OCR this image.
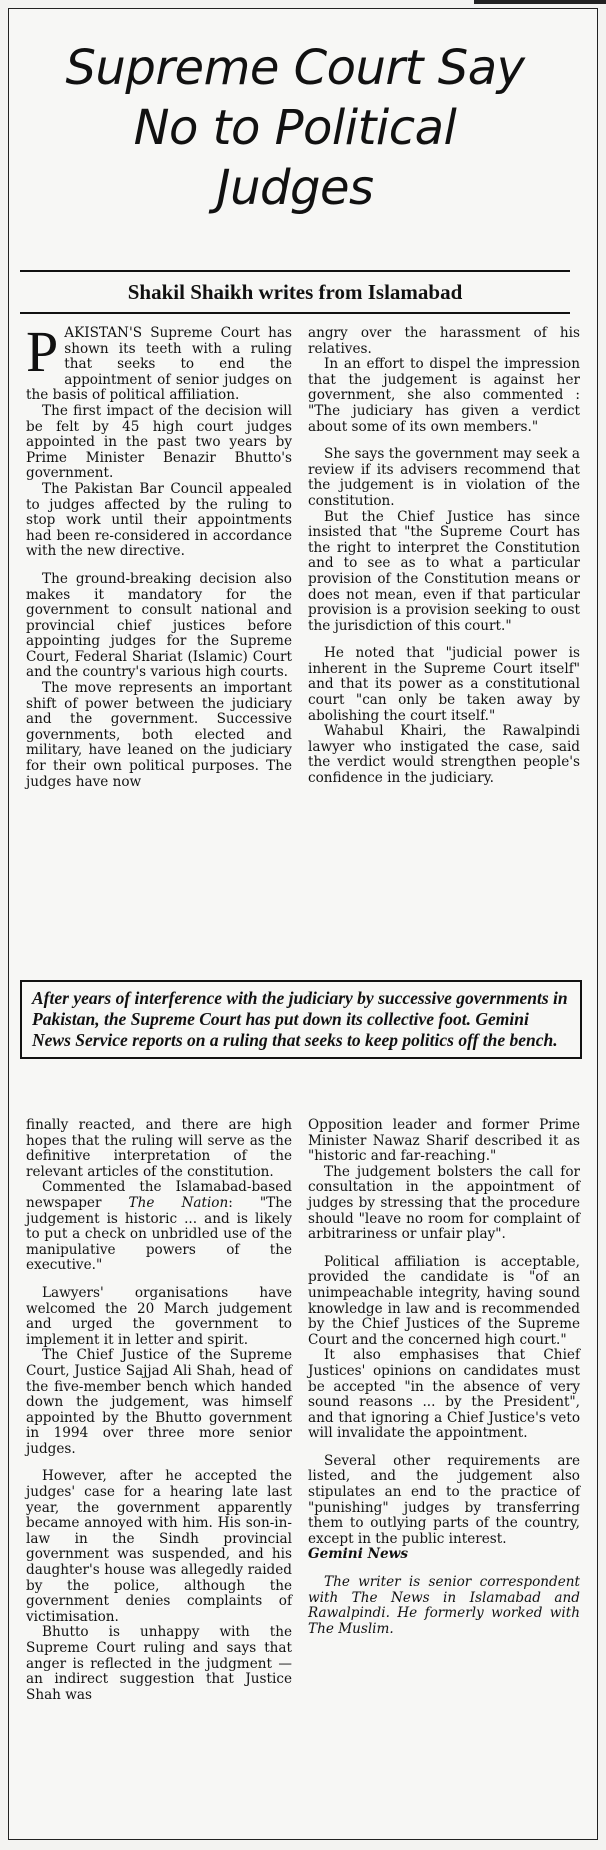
Supreme Court Say
No to Political
Judges
Shakil Shaikh writes from Islamabad

PAKISTAN'S Supreme Court has shown its teeth with a ruling that seeks to end the appointment of senior judges on the basis of political affiliation.

The first impact of the decision will be felt by 45 high court judges appointed in the past two years by Prime Minister Benazir Bhutto's government.

The Pakistan Bar Council appealed to judges affected by the ruling to stop work until their appointments had been re-considered in accordance with the new directive.

The ground-breaking decision also makes it mandatory for the government to consult national and provincial chief justices before appointing judges for the Supreme Court, Federal Shariat (Islamic) Court and the country's various high courts.

The move represents an important shift of power between the judiciary and the government. Successive governments, both elected and military, have leaned on the judiciary for their own political purposes. The judges have now

angry over the harassment of his relatives.

In an effort to dispel the impression that the judgement is against her government, she also commented : "The judiciary has given a verdict about some of its own members."

She says the government may seek a review if its advisers recommend that the judgement is in violation of the constitution.

But the Chief Justice has since insisted that "the Supreme Court has the right to interpret the Constitution and to see as to what a particular provision of the Constitution means or does not mean, even if that particular provision is a provision seeking to oust the jurisdiction of this court."

He noted that "judicial power is inherent in the Supreme Court itself" and that its power as a constitutional court "can only be taken away by abolishing the court itself."

Wahabul Khairi, the Rawalpindi lawyer who instigated the case, said the verdict would strengthen people's confidence in the judiciary.

After years of interference with the judiciary by successive governments in Pakistan, the Supreme Court has put down its collective foot. Gemini News Service reports on a ruling that seeks to keep politics off the bench.

finally reacted, and there are high hopes that the ruling will serve as the definitive interpretation of the relevant articles of the constitution.

Commented the Islamabad-based newspaper The Nation: "The judgement is historic ... and is likely to put a check on unbridled use of the manipulative powers of the executive."

Lawyers' organisations have welcomed the 20 March judgement and urged the government to implement it in letter and spirit.

The Chief Justice of the Supreme Court, Justice Sajjad Ali Shah, head of the five-member bench which handed down the judgement, was himself appointed by the Bhutto government in 1994 over three more senior judges.

However, after he accepted the judges' case for a hearing late last year, the government apparently became annoyed with him. His son-in-law in the Sindh provincial government was suspended, and his daughter's house was allegedly raided by the police, although the government denies complaints of victimisation.

Bhutto is unhappy with the Supreme Court ruling and says that anger is reflected in the judgment — an indirect suggestion that Justice Shah was

Opposition leader and former Prime Minister Nawaz Sharif described it as "historic and far-reaching."

The judgement bolsters the call for consultation in the appointment of judges by stressing that the procedure should "leave no room for complaint of arbitrariness or unfair play".

Political affiliation is acceptable, provided the candidate is "of an unimpeachable integrity, having sound knowledge in law and is recommended by the Chief Justices of the Supreme Court and the concerned high court."

It also emphasises that Chief Justices' opinions on candidates must be accepted "in the absence of very sound reasons ... by the President", and that ignoring a Chief Justice's veto will invalidate the appointment.

Several other requirements are listed, and the judgement also stipulates an end to the practice of "punishing" judges by transferring them to outlying parts of the country, except in the public interest.

Gemini News

The writer is senior correspondent with The News in Islamabad and Rawalpindi. He formerly worked with The Muslim.
